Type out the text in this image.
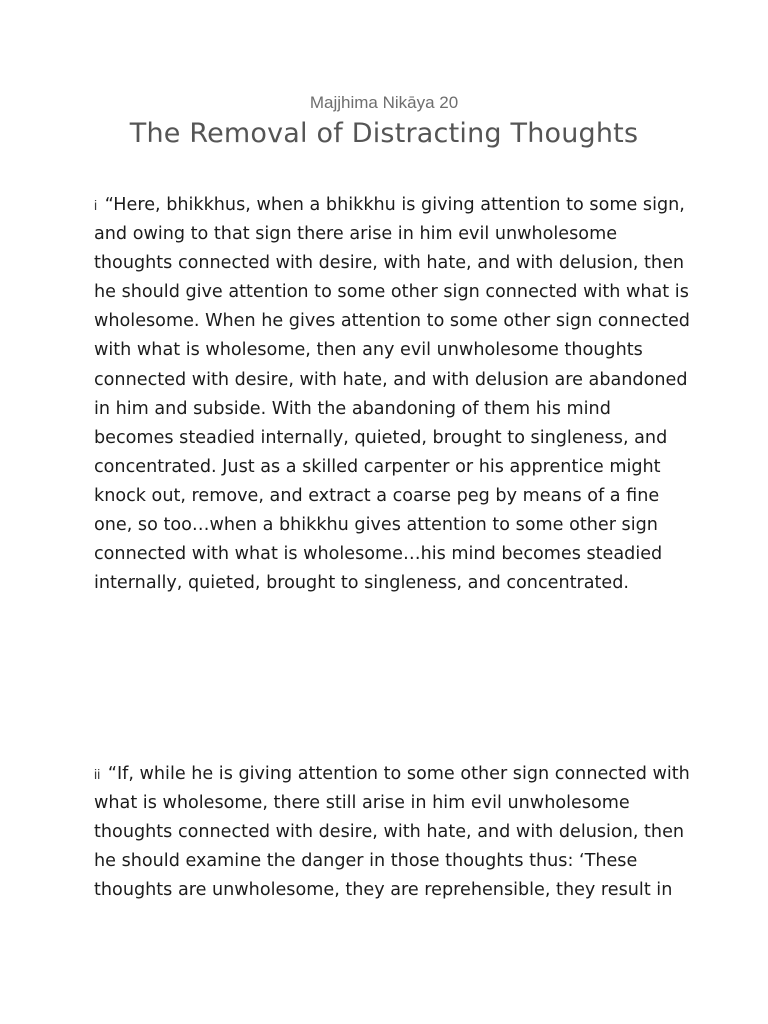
Majjhima Nikāya 20
The Removal of Distracting Thoughts

i “Here, bhikkhus, when a bhikkhu is giving attention to some sign, and owing to that sign there arise in him evil unwholesome thoughts connected with desire, with hate, and with delusion, then he should give attention to some other sign connected with what is wholesome. When he gives attention to some other sign connected with what is wholesome, then any evil unwholesome thoughts connected with desire, with hate, and with delusion are abandoned in him and subside. With the abandoning of them his mind becomes steadied internally, quieted, brought to singleness, and concentrated. Just as a skilled carpenter or his apprentice might knock out, remove, and extract a coarse peg by means of a fine one, so too…when a bhikkhu gives attention to some other sign connected with what is wholesome…his mind becomes steadied internally, quieted, brought to singleness, and concentrated.

ii “If, while he is giving attention to some other sign connected with what is wholesome, there still arise in him evil unwholesome thoughts connected with desire, with hate, and with delusion, then he should examine the danger in those thoughts thus: ‘These thoughts are unwholesome, they are reprehensible, they result in
